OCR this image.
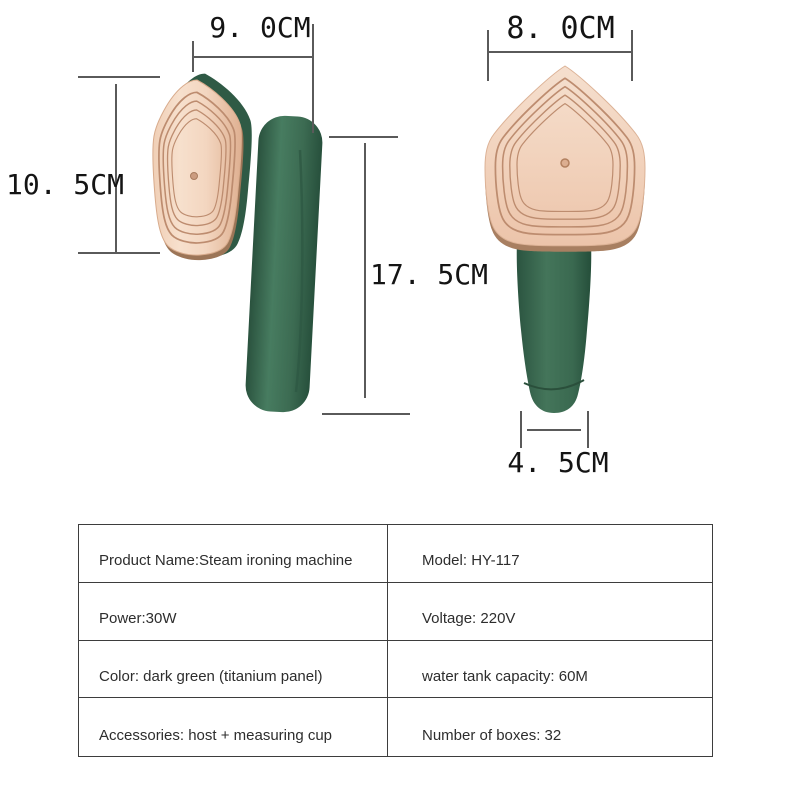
9. 0CM
10. 5CM
17. 5CM
8. 0CM
4. 5CM
Product Name:Steam ironing machine	Model: HY-117
Power:30W	Voltage: 220V
Color: dark green (titanium panel)	water tank capacity: 60M
Accessories: host + measuring cup	Number of boxes: 32
